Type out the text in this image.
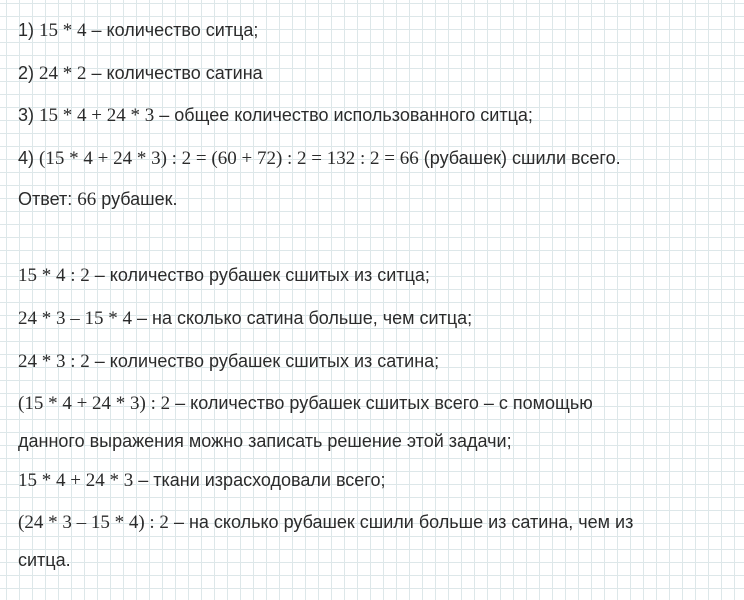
1) 15 * 4 – количество ситца;
2) 24 * 2 – количество сатина
3) 15 * 4 + 24 * 3 – общее количество использованного ситца;
4) (15 * 4 + 24 * 3) : 2 = (60 + 72) : 2 = 132 : 2 = 66 (рубашек) сшили всего.
Ответ: 66 рубашек.
15 * 4 : 2 – количество рубашек сшитых из ситца;
24 * 3 – 15 * 4 – на сколько сатина больше, чем ситца;
24 * 3 : 2 – количество рубашек сшитых из сатина;
(15 * 4 + 24 * 3) : 2 – количество рубашек сшитых всего – с помощью
данного выражения можно записать решение этой задачи;
15 * 4 + 24 * 3 – ткани израсходовали всего;
(24 * 3 – 15 * 4) : 2 – на сколько рубашек сшили больше из сатина, чем из
ситца.
